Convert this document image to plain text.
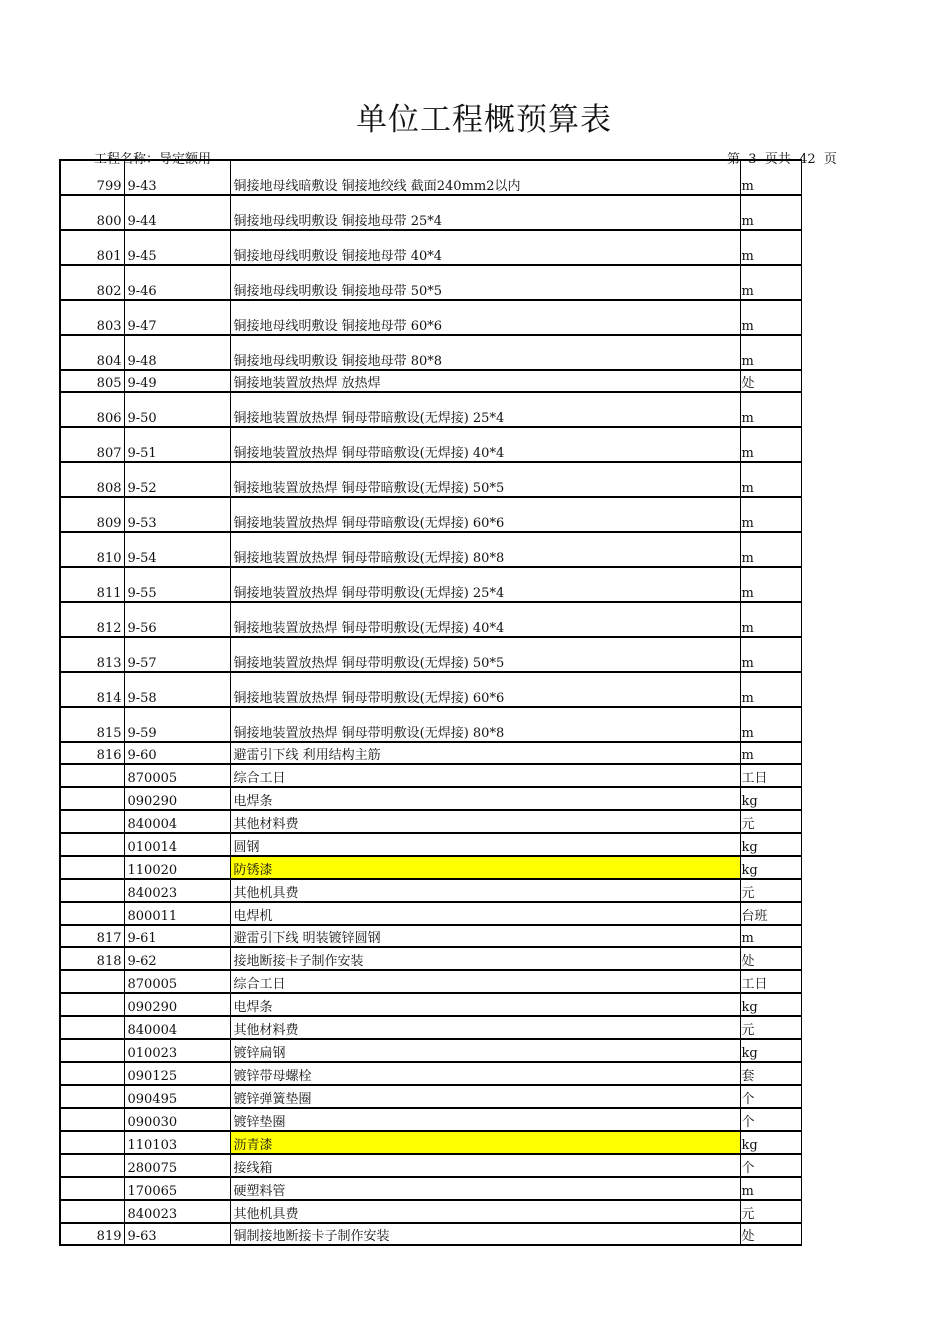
单位工程概预算表
工程名称：导定额用	第  3  页共  42  页
799	9-43	铜接地母线暗敷设 铜接地绞线 截面240mm2以内	m
800	9-44	铜接地母线明敷设 铜接地母带 25*4	m
801	9-45	铜接地母线明敷设 铜接地母带 40*4	m
802	9-46	铜接地母线明敷设 铜接地母带 50*5	m
803	9-47	铜接地母线明敷设 铜接地母带 60*6	m
804	9-48	铜接地母线明敷设 铜接地母带 80*8	m
805	9-49	铜接地装置放热焊 放热焊	处
806	9-50	铜接地装置放热焊 铜母带暗敷设(无焊接) 25*4	m
807	9-51	铜接地装置放热焊 铜母带暗敷设(无焊接) 40*4	m
808	9-52	铜接地装置放热焊 铜母带暗敷设(无焊接) 50*5	m
809	9-53	铜接地装置放热焊 铜母带暗敷设(无焊接) 60*6	m
810	9-54	铜接地装置放热焊 铜母带暗敷设(无焊接) 80*8	m
811	9-55	铜接地装置放热焊 铜母带明敷设(无焊接) 25*4	m
812	9-56	铜接地装置放热焊 铜母带明敷设(无焊接) 40*4	m
813	9-57	铜接地装置放热焊 铜母带明敷设(无焊接) 50*5	m
814	9-58	铜接地装置放热焊 铜母带明敷设(无焊接) 60*6	m
815	9-59	铜接地装置放热焊 铜母带明敷设(无焊接) 80*8	m
816	9-60	避雷引下线 利用结构主筋	m
	870005	综合工日	工日
	090290	电焊条	kg
	840004	其他材料费	元
	010014	圆钢	kg
	110020	防锈漆	kg
	840023	其他机具费	元
	800011	电焊机	台班
817	9-61	避雷引下线 明装镀锌圆钢	m
818	9-62	接地断接卡子制作安装	处
	870005	综合工日	工日
	090290	电焊条	kg
	840004	其他材料费	元
	010023	镀锌扁钢	kg
	090125	镀锌带母螺栓	套
	090495	镀锌弹簧垫圈	个
	090030	镀锌垫圈	个
	110103	沥青漆	kg
	280075	接线箱	个
	170065	硬塑料管	m
	840023	其他机具费	元
819	9-63	铜制接地断接卡子制作安装	处
